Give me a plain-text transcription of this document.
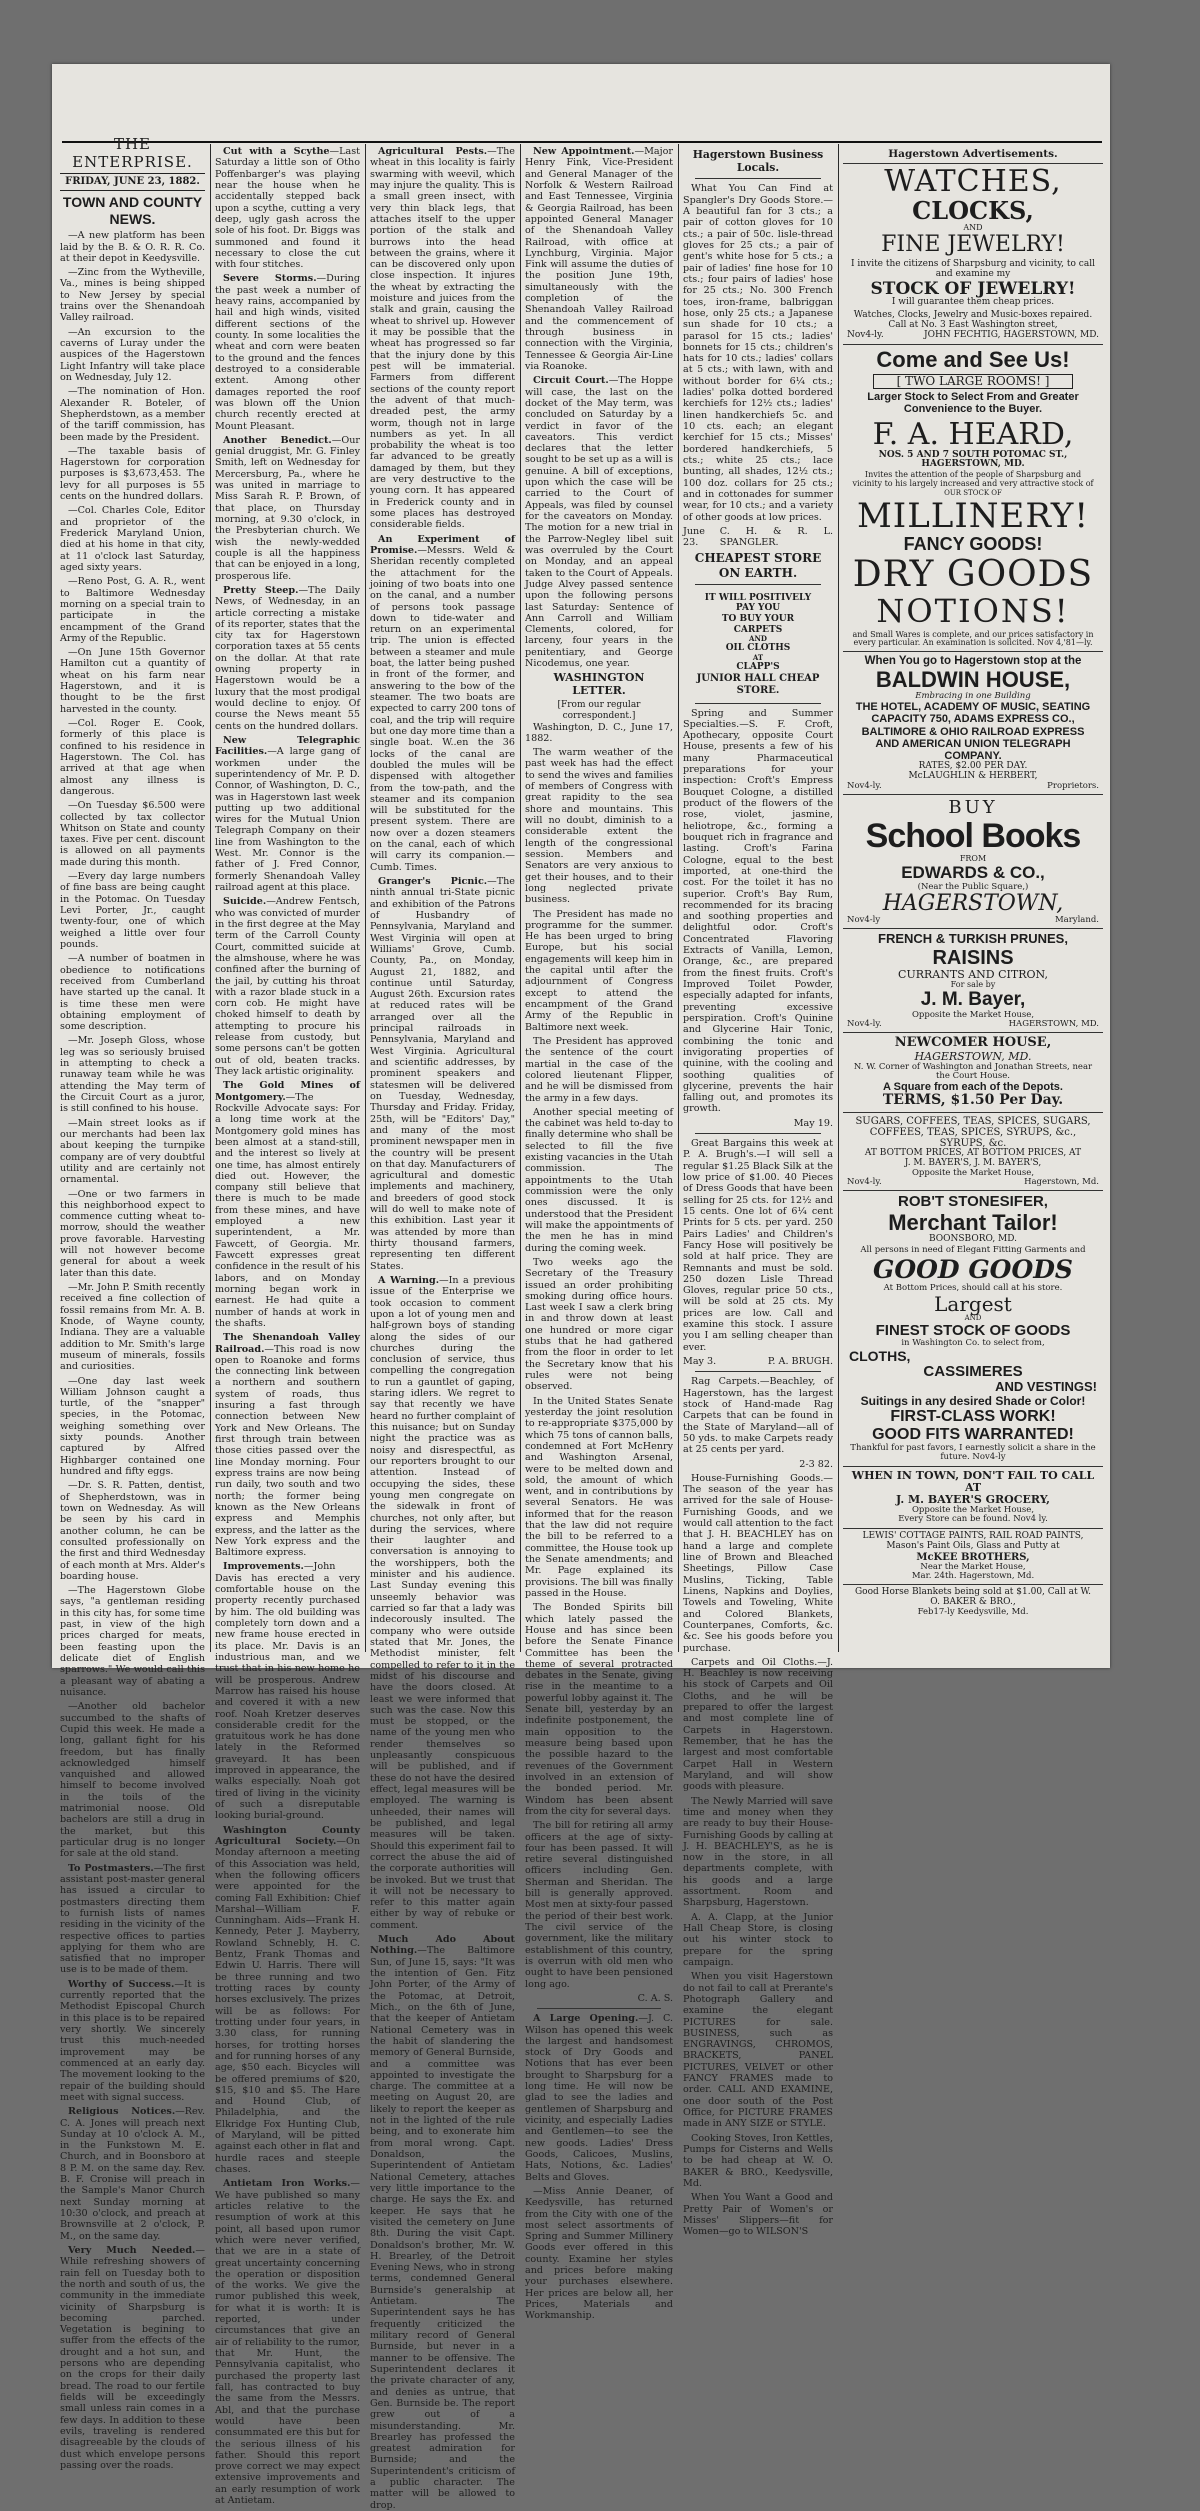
THE ENTERPRISE.
FRIDAY, JUNE 23, 1882.
TOWN AND COUNTY NEWS.

—A new platform has been laid by the B. & O. R. R. Co. at their depot in Keedysville.

—Zinc from the Wytheville, Va., mines is being shipped to New Jersey by special trains over the Shenandoah Valley railroad.

—An excursion to the caverns of Luray under the auspices of the Hagerstown Light Infantry will take place on Wednesday, July 12.

—The nomination of Hon. Alexander R. Boteler, of Shepherdstown, as a member of the tariff commission, has been made by the President.

—The taxable basis of Hagerstown for corporation purposes is $3,673,453. The levy for all purposes is 55 cents on the hundred dollars.

—Col. Charles Cole, Editor and proprietor of the Frederick Maryland Union, died at his home in that city, at 11 o'clock last Saturday, aged sixty years.

—Reno Post, G. A. R., went to Baltimore Wednesday morning on a special train to participate in the encampment of the Grand Army of the Republic.

—On June 15th Governor Hamilton cut a quantity of wheat on his farm near Hagerstown, and it is thought to be the first harvested in the county.

—Col. Roger E. Cook, formerly of this place is confined to his residence in Hagerstown. The Col. has arrived at that age when almost any illness is dangerous.

—On Tuesday $6.500 were collected by tax collector Whitson on State and county taxes. Five per cent. discount is allowed on all payments made during this month.

—Every day large numbers of fine bass are being caught in the Potomac. On Tuesday Levi Porter, Jr., caught twenty-four, one of which weighed a little over four pounds.

—A number of boatmen in obedience to notifications received from Cumberland have started up the canal. It is time these men were obtaining employment of some description.

—Mr. Joseph Gloss, whose leg was so seriously bruised in attempting to check a runaway team while he was attending the May term of the Circuit Court as a juror, is still confined to his house.

—Main street looks as if our merchants had been lax about keeping the turnpike company are of very doubtful utility and are certainly not ornamental.

—One or two farmers in this neighborhood expect to commence cutting wheat to-morrow, should the weather prove favorable. Harvesting will not however become general for about a week later than this date.

—Mr. John P. Smith recently received a fine collection of fossil remains from Mr. A. B. Knode, of Wayne county, Indiana. They are a valuable addition to Mr. Smith's large museum of minerals, fossils and curiosities.

—One day last week William Johnson caught a turtle, of the "snapper" species, in the Potomac, weighing something over sixty pounds. Another captured by Alfred Highbarger contained one hundred and fifty eggs.

—Dr. S. R. Patten, dentist, of Shepherdstown, was in town on Wednesday. As will be seen by his card in another column, he can be consulted professionally on the first and third Wednesday of each month at Mrs. Alder's boarding house.

—The Hagerstown Globe says, "a gentleman residing in this city has, for some time past, in view of the high prices charged for meats, been feasting upon the delicate diet of English sparrows." We would call this a pleasant way of abating a nuisance.

—Another old bachelor succumbed to the shafts of Cupid this week. He made a long, gallant fight for his freedom, but has finally acknowledged himself vanquished and allowed himself to become involved in the toils of the matrimonial noose. Old bachelors are still a drug in the market, but this particular drug is no longer for sale at the old stand.

To Postmasters.—The first assistant post-master general has issued a circular to postmasters directing them to furnish lists of names residing in the vicinity of the respective offices to parties applying for them who are satisfied that no improper use is to be made of them.

Worthy of Success.—It is currently reported that the Methodist Episcopal Church in this place is to be repaired very shortly. We sincerely trust this much-needed improvement may be commenced at an early day. The movement looking to the repair of the building should meet with signal success.

Religious Notices.—Rev. C. A. Jones will preach next Sunday at 10 o'clock A. M., in the Funkstown M. E. Church, and in Boonsboro at 8 P. M. on the same day. Rev. B. F. Cronise will preach in the Sample's Manor Church next Sunday morning at 10:30 o'clock, and preach at Brownsville at 2 o'clock, P. M., on the same day.

Very Much Needed.—While refreshing showers of rain fell on Tuesday both to the north and south of us, the community in the immediate vicinity of Sharpsburg is becoming parched. Vegetation is begining to suffer from the effects of the drought and a hot sun, and persons who are depending on the crops for their daily bread. The road to our fertile fields will be exceedingly small unless rain comes in a few days. In addition to these evils, traveling is rendered disagreeable by the clouds of dust which envelope persons passing over the roads.

Cut with a Scythe—Last Saturday a little son of Otho Poffenbarger's was playing near the house when he accidentally stepped back upon a scythe, cutting a very deep, ugly gash across the sole of his foot. Dr. Biggs was summoned and found it necessary to close the cut with four stitches.

Severe Storms.—During the past week a number of heavy rains, accompanied by hail and high winds, visited different sections of the county. In some localities the wheat and corn were beaten to the ground and the fences destroyed to a considerable extent. Among other damages reported the roof was blown off the Union church recently erected at Mount Pleasant.

Another Benedict.—Our genial druggist, Mr. G. Finley Smith, left on Wednesday for Mercersburg, Pa., where he was united in marriage to Miss Sarah R. P. Brown, of that place, on Thursday morning, at 9.30 o'clock, in the Presbyterian church. We wish the newly-wedded couple is all the happiness that can be enjoyed in a long, prosperous life.

Pretty Steep.—The Daily News, of Wednesday, in an article correcting a mistake of its reporter, states that the city tax for Hagerstown corporation taxes at 55 cents on the dollar. At that rate owning property in Hagerstown would be a luxury that the most prodigal would decline to enjoy. Of course the News meant 55 cents on the hundred dollars.

New Telegraphic Facilities.—A large gang of workmen under the superintendency of Mr. P. D. Connor, of Washington, D. C., was in Hagerstown last week putting up two additional wires for the Mutual Union Telegraph Company on their line from Washington to the West. Mr. Connor is the father of J. Fred Connor, formerly Shenandoah Valley railroad agent at this place.

Suicide.—Andrew Fentsch, who was convicted of murder in the first degree at the May term of the Carroll County Court, committed suicide at the almshouse, where he was confined after the burning of the jail, by cutting his throat with a razor blade stuck in a corn cob. He might have choked himself to death by attempting to procure his release from custody, but some persons can't be gotten out of old, beaten tracks. They lack artistic originality.

The Gold Mines of Montgomery.—The Rockville Advocate says: For a long time work at the Montgomery gold mines has been almost at a stand-still, and the interest so lively at one time, has almost entirely died out. However, the company still believe that there is much to be made from these mines, and have employed a new superintendent, a Mr. Fawcett, of Georgia. Mr. Fawcett expresses great confidence in the result of his labors, and on Monday morning began work in earnest. He had quite a number of hands at work in the shafts.

The Shenandoah Valley Railroad.—This road is now open to Roanoke and forms the connecting link between a northern and southern system of roads, thus insuring a fast through connection between New York and New Orleans. The first through train between those cities passed over the line Monday morning. Four express trains are now being run daily, two south and two north; the former being known as the New Orleans express and Memphis express, and the latter as the New York express and the Baltimore express.

Improvements.—John Davis has erected a very comfortable house on the property recently purchased by him. The old building was completely torn down and a new frame house erected in its place. Mr. Davis is an industrious man, and we trust that in his new home he will be prosperous. Andrew Marrow has raised his house and covered it with a new roof. Noah Kretzer deserves considerable credit for the gratuitous work he has done lately in the Reformed graveyard. It has been improved in appearance, the walks especially. Noah got tired of living in the vicinity of such a disreputable looking burial-ground.

Washington County Agricultural Society.—On Monday afternoon a meeting of this Association was held, when the following officers were appointed for the coming Fall Exhibition: Chief Marshal—William F. Cunningham. Aids—Frank H. Kennedy, Peter J. Mayberry, Rowland Schnebly, H. C. Bentz, Frank Thomas and Edwin U. Harris. There will be three running and two trotting races by county horses exclusively. The prizes will be as follows: For trotting under four years, in 3.30 class, for running horses, for trotting horses and for running horses of any age, $50 each. Bicycles will be offered premiums of $20, $15, $10 and $5. The Hare and Hound Club, of Philadelphia, and the Elkridge Fox Hunting Club, of Maryland, will be pitted against each other in flat and hurdle races and steeple chases.

Antietam Iron Works.—We have published so many articles relative to the resumption of work at this point, all based upon rumor which were never verified, that we are in a state of great uncertainty concerning the operation or disposition of the works. We give the rumor published this week, for what it is worth: It is reported, under circumstances that give an air of reliability to the rumor, that Mr. Hunt, the Pennsylvania capitalist, who purchased the property last fall, has contracted to buy the same from the Messrs. Abl, and that the purchase would have been consummated ere this but for the serious illness of his father. Should this report prove correct we may expect extensive improvements and an early resumption of work at Antietam.

Agricultural Pests.—The wheat in this locality is fairly swarming with weevil, which may injure the quality. This is a small green insect, with very thin black legs, that attaches itself to the upper portion of the stalk and burrows into the head between the grains, where it can be discovered only upon close inspection. It injures the wheat by extracting the moisture and juices from the stalk and grain, causing the wheat to shrivel up. However it may be possible that the wheat has progressed so far that the injury done by this pest will be immaterial. Farmers from different sections of the county report the advent of that much-dreaded pest, the army worm, though not in large numbers as yet. In all probability the wheat is too far advanced to be greatly damaged by them, but they are very destructive to the young corn. It has appeared in Frederick county and in some places has destroyed considerable fields.

An Experiment of Promise.—Messrs. Weld & Sheridan recently completed the attachment for the joining of two boats into one on the canal, and a number of persons took passage down to tide-water and return on an experimental trip. The union is effected between a steamer and mule boat, the latter being pushed in front of the former, and answering to the bow of the steamer. The two boats are expected to carry 200 tons of coal, and the trip will require but one day more time than a single boat. W..en the 36 locks of the canal are doubled the mules will be dispensed with altogether from the tow-path, and the steamer and its companion will be substituted for the present system. There are now over a dozen steamers on the canal, each of which will carry its companion.—Cumb. Times.

Granger's Picnic.—The ninth annual tri-State picnic and exhibition of the Patrons of Husbandry of Pennsylvania, Maryland and West Virginia will open at Williams' Grove, Cumb. County, Pa., on Monday, August 21, 1882, and continue until Saturday, August 26th. Excursion rates at reduced rates will be arranged over all the principal railroads in Pennsylvania, Maryland and West Virginia. Agricultural and scientific addresses, by prominent speakers and statesmen will be delivered on Tuesday, Wednesday, Thursday and Friday. Friday, 25th, will be "Editors' Day," and many of the most prominent newspaper men in the country will be present on that day. Manufacturers of agricultural and domestic implements and machinery, and breeders of good stock will do well to make note of this exhibition. Last year it was attended by more than thirty thousand farmers, representing ten different States.

A Warning.—In a previous issue of the Enterprise we took occasion to comment upon a lot of young men and half-grown boys of standing along the sides of our churches during the conclusion of service, thus compelling the congregation to run a gauntlet of gaping, staring idlers. We regret to say that recently we have heard no further complaint of this nuisance; but on Sunday night the practice was as noisy and disrespectful, as our reporters brought to our attention. Instead of occupying the sides, these young men congregate on the sidewalk in front of churches, not only after, but during the services, where their laughter and conversation is annoying to the worshippers, both the minister and his audience. Last Sunday evening this unseemly behavior was carried so far that a lady was indecorously insulted. The company who were outside stated that Mr. Jones, the Methodist minister, felt compelled to refer to it in the midst of his discourse and have the doors closed. At least we were informed that such was the case. Now this must be stopped, or the name of the young men who render themselves so unpleasantly conspicuous will be published, and if these do not have the desired effect, legal measures will be employed. The warning is unheeded, their names will be published, and legal measures will be taken. Should this experiment fail to correct the abuse the aid of the corporate authorities will be invoked. But we trust that it will not be necessary to refer to this matter again either by way of rebuke or comment.

Much Ado About Nothing.—The Baltimore Sun, of June 15, says: "It was the intention of Gen. Fitz John Porter, of the Army of the Potomac, at Detroit, Mich., on the 6th of June, that the keeper of Antietam National Cemetery was in the habit of slandering the memory of General Burnside, and a committee was appointed to investigate the charge. The committee at a meeting on August 20, are likely to report the keeper as not in the lighted of the rule being, and to exonerate him from moral wrong. Capt. Donaldson, the Superintendent of Antietam National Cemetery, attaches very little importance to the charge. He says the Ex. and keeper. He says that he visited the cemetery on June 8th. During the visit Capt. Donaldson's brother, Mr. W. H. Brearley, of the Detroit Evening News, who in strong terms, condemned General Burnside's generalship at Antietam. The Superintendent says he has frequently criticized the military record of General Burnside, but never in a manner to be offensive. The Superintendent declares it the private character of any, and denies as untrue, that Gen. Burnside be. The report grew out of a misunderstanding. Mr. Brearley has professed the greatest admiration for Burnside; and the Superintendent's criticism of a public character. The matter will be allowed to drop.

New Appointment.—Major Henry Fink, Vice-President and General Manager of the Norfolk & Western Railroad and East Tennessee, Virginia & Georgia Railroad, has been appointed General Manager of the Shenandoah Valley Railroad, with office at Lynchburg, Virginia. Major Fink will assume the duties of the position June 19th, simultaneously with the completion of the Shenandoah Valley Railroad and the commencement of through business in connection with the Virginia, Tennessee & Georgia Air-Line via Roanoke.

Circuit Court.—The Hoppe will case, the last on the docket of the May term, was concluded on Saturday by a verdict in favor of the caveators. This verdict declares that the letter sought to be set up as a will is genuine. A bill of exceptions, upon which the case will be carried to the Court of Appeals, was filed by counsel for the caveators on Monday. The motion for a new trial in the Parrow-Negley libel suit was overruled by the Court on Monday, and an appeal taken to the Court of Appeals. Judge Alvey passed sentence upon the following persons last Saturday: Sentence of Ann Carroll and William Clements, colored, for larceny, four years in the penitentiary, and George Nicodemus, one year.

WASHINGTON LETTER.
[From our regular correspondent.]

Washington, D. C., June 17, 1882.

The warm weather of the past week has had the effect to send the wives and families of members of Congress with great rapidity to the sea shore and mountains. This will no doubt, diminish to a considerable extent the length of the congressional session. Members and Senators are very anxious to get their houses, and to their long neglected private business.

The President has made no programme for the summer. He has been urged to bring Europe, but his social engagements will keep him in the capital until after the adjournment of Congress except to attend the encampment of the Grand Army of the Republic in Baltimore next week.

The President has approved the sentence of the court martial in the case of the colored lieutenant Flipper, and he will be dismissed from the army in a few days.

Another special meeting of the cabinet was held to-day to finally determine who shall be selected to fill the five existing vacancies in the Utah commission. The appointments to the Utah commission were the only ones discussed. It is understood that the President will make the appointments of the men he has in mind during the coming week.

Two weeks ago the Secretary of the Treasury issued an order prohibiting smoking during office hours. Last week I saw a clerk bring in and throw down at least one hundred or more cigar stubs that he had gathered from the floor in order to let the Secretary know that his rules were not being observed.

In the United States Senate yesterday the joint resolution to re-appropriate $375,000 by which 75 tons of cannon balls, condemned at Fort McHenry and Washington Arsenal, were to be melted down and sold, the amount of which went, and in contributions by several Senators. He was informed that for the reason that the law did not require the bill to be referred to a committee, the House took up the Senate amendments; and Mr. Page explained its provisions. The bill was finally passed in the House.

The Bonded Spirits bill which lately passed the House and has since been before the Senate Finance Committee has been the theme of several protracted debates in the Senate, giving rise in the meantime to a powerful lobby against it. The Senate bill, yesterday by an indefinite postponement, the main opposition to the measure being based upon the possible hazard to the revenues of the Government involved in an extension of the bonded period. Mr. Windom has been absent from the city for several days.

The bill for retiring all army officers at the age of sixty-four has been passed. It will retire several distinguished officers including Gen. Sherman and Sheridan. The bill is generally approved. Most men at sixty-four passed the period of their best work. The civil service of the government, like the military establishment of this country, is overrun with old men who ought to have been pensioned long ago.

C. A. S.

A Large Opening.—J. C. Wilson has opened this week the largest and handsomest stock of Dry Goods and Notions that has ever been brought to Sharpsburg for a long time. He will now be glad to see the ladies and gentlemen of Sharpsburg and vicinity, and especially Ladies and Gentlemen—to see the new goods. Ladies' Dress Goods, Calicoes, Muslins, Hats, Notions, &c. Ladies' Belts and Gloves.

—Miss Annie Deaner, of Keedysville, has returned from the City with one of the most select assortments of Spring and Summer Millinery Goods ever offered in this county. Examine her styles and prices before making your purchases elsewhere. Her prices are below all, her Prices, Materials and Workmanship.

Hagerstown Business Locals.

What You Can Find at Spangler's Dry Goods Store.—A beautiful fan for 3 cts.; a pair of cotton gloves for 10 cts.; a pair of 50c. lisle-thread gloves for 25 cts.; a pair of gent's white hose for 5 cts.; a pair of ladies' fine hose for 10 cts.; four pairs of ladies' hose for 25 cts.; No. 300 French toes, iron-frame, balbriggan hose, only 25 cts.; a Japanese sun shade for 10 cts.; a parasol for 15 cts.; ladies' bonnets for 15 cts.; children's hats for 10 cts.; ladies' collars at 5 cts.; with lawn, with and without border for 6¼ cts.; ladies' polka dotted bordered kerchiefs for 12½ cts.; ladies' linen handkerchiefs 5c. and 10 cts. each; an elegant kerchief for 15 cts.; Misses' bordered handkerchiefs, 5 cts.; white 25 cts.; lace bunting, all shades, 12½ cts.; 100 doz. collars for 25 cts.; and in cottonades for summer wear, for 10 cts.; and a variety of other goods at low prices.

June 23.
C. H. & R. L. SPANGLER.

CHEAPEST STORE ON EARTH.
IT WILL POSITIVELY
PAY YOU
TO BUY YOUR
CARPETS
AND
OIL CLOTHS
AT
CLAPP'S
JUNIOR HALL CHEAP STORE.

Spring and Summer Specialties.—S. F. Croft, Apothecary, opposite Court House, presents a few of his many Pharmaceutical preparations for your inspection: Croft's Empress Bouquet Cologne, a distilled product of the flowers of the rose, violet, jasmine, heliotrope, &c., forming a bouquet rich in fragrance and lasting. Croft's Farina Cologne, equal to the best imported, at one-third the cost. For the toilet it has no superior. Croft's Bay Rum, recommended for its bracing and soothing properties and delightful odor. Croft's Concentrated Flavoring Extracts of Vanilla, Lemon, Orange, &c., are prepared from the finest fruits. Croft's Improved Toilet Powder, especially adapted for infants, preventing excessive perspiration. Croft's Quinine and Glycerine Hair Tonic, combining the tonic and invigorating properties of quinine, with the cooling and soothing qualities of glycerine, prevents the hair falling out, and promotes its growth.

May 19.

Great Bargains this week at P. A. Brugh's.—I will sell a regular $1.25 Black Silk at the low price of $1.00. 40 Pieces of Dress Goods that have been selling for 25 cts. for 12½ and 15 cents. One lot of 6¼ cent Prints for 5 cts. per yard. 250 Pairs Ladies' and Children's Fancy Hose will positively be sold at half price. They are Remnants and must be sold. 250 dozen Lisle Thread Gloves, regular price 50 cts., will be sold at 25 cts. My prices are low. Call and examine this stock. I assure you I am selling cheaper than ever.

May 3.	P. A. BRUGH.

Rag Carpets.—Beachley, of Hagerstown, has the largest stock of Hand-made Rag Carpets that can be found in the State of Maryland—all of 50 yds. to make Carpets ready at 25 cents per yard.

2-3 82.

House-Furnishing Goods.—The season of the year has arrived for the sale of House-Furnishing Goods, and we would call attention to the fact that J. H. BEACHLEY has on hand a large and complete line of Brown and Bleached Sheetings, Pillow Case Muslins, Ticking, Table Linens, Napkins and Doylies, Towels and Toweling, White and Colored Blankets, Counterpanes, Comforts, &c. &c. See his goods before you purchase.

Carpets and Oil Cloths.—J. H. Beachley is now receiving his stock of Carpets and Oil Cloths, and he will be prepared to offer the largest and most complete line of Carpets in Hagerstown. Remember, that he has the largest and most comfortable Carpet Hall in Western Maryland, and will show goods with pleasure.

The Newly Married will save time and money when they are ready to buy their House-Furnishing Goods by calling at J. H. BEACHLEY'S, as he is now in the store, in all departments complete, with his goods and a large assortment. Room and Sharpsburg, Hagerstown.

A. A. Clapp, at the Junior Hall Cheap Store, is closing out his winter stock to prepare for the spring campaign.

When you visit Hagerstown do not fail to call at Prerante's Photograph Gallery and examine the elegant PICTURES for sale. BUSINESS, such as ENGRAVINGS, CHROMOS, BRACKETS, PANEL PICTURES, VELVET or other FANCY FRAMES made to order. CALL AND EXAMINE, one door south of the Post Office, for PICTURE FRAMES made in ANY SIZE or STYLE.

Cooking Stoves, Iron Kettles, Pumps for Cisterns and Wells to be had cheap at W. O. BAKER & BRO., Keedysville, Md.

When You Want a Good and Pretty Pair of Women's or Misses' Slippers—fit for Women—go to WILSON'S

Hagerstown Advertisements.
WATCHES,
CLOCKS,
AND
FINE JEWELRY!
I invite the citizens of Sharpsburg and vicinity, to call and examine my
STOCK OF JEWELRY!
I will guarantee them cheap prices.
Watches, Clocks, Jewelry and Music-boxes repaired.
Call at No. 3 East Washington street,
Nov4-ly.	JOHN FECHTIG, HAGERSTOWN, MD.
Come and See Us!
[ TWO LARGE ROOMS! ]
Larger Stock to Select From and Greater Convenience to the Buyer.
F. A. HEARD,
NOS. 5 AND 7 SOUTH POTOMAC ST., HAGERSTOWN, MD.
Invites the attention of the people of Sharpsburg and vicinity to his largely increased and very attractive stock of
OUR STOCK OF
MILLINERY!
FANCY GOODS!
DRY GOODS
NOTIONS!
and Small Wares is complete, and our prices satisfactory in every particular. An examination is solicited. Nov 4,'81—ly.
When You go to Hagerstown stop at the
BALDWIN HOUSE,
Embracing in one Building
THE HOTEL, ACADEMY OF MUSIC, SEATING CAPACITY 750, ADAMS EXPRESS CO., BALTIMORE & OHIO RAILROAD EXPRESS AND AMERICAN UNION TELEGRAPH COMPANY.
RATES, $2.00 PER DAY.
McLAUGHLIN & HERBERT,
Nov4-ly.	Proprietors.
BUY
School Books
FROM
EDWARDS & CO.,
(Near the Public Square,)
HAGERSTOWN,
Nov4-ly	Maryland.
FRENCH & TURKISH PRUNES,
RAISINS
CURRANTS AND CITRON,
For sale by
J. M. Bayer,
Opposite the Market House,
Nov4-ly.	HAGERSTOWN, MD.
NEWCOMER HOUSE,
HAGERSTOWN, MD.
N. W. Corner of Washington and Jonathan Streets, near the Court House.
A Square from each of the Depots.
TERMS, $1.50 Per Day.
SUGARS, COFFEES, TEAS, SPICES, SUGARS, COFFEES, TEAS, SPICES, SYRUPS, &c., SYRUPS, &c.
AT BOTTOM PRICES, AT BOTTOM PRICES, AT
J. M. BAYER'S, J. M. BAYER'S,
Opposite the Market House,
Nov4-ly.	Hagerstown, Md.
ROB'T STONESIFER,
Merchant Tailor!
BOONSBORO, MD.
All persons in need of Elegant Fitting Garments and
GOOD GOODS
At Bottom Prices, should call at his store.
Largest
AND
FINEST STOCK OF GOODS
in Washington Co. to select from,
CLOTHS,
CASSIMERES
AND VESTINGS!
Suitings in any desired Shade or Color!
FIRST-CLASS WORK!
GOOD FITS WARRANTED!
Thankful for past favors, I earnestly solicit a share in the future. Nov4-ly
WHEN IN TOWN, DON'T FAIL TO CALL AT
J. M. BAYER'S GROCERY,
Opposite the Market House,
Every Store can be found. Nov4 ly.
LEWIS' COTTAGE PAINTS, RAIL ROAD PAINTS, Mason's Paint Oils, Glass and Putty at
McKEE BROTHERS,
Near the Market House,
Mar. 24th. Hagerstown, Md.
Good Horse Blankets being sold at $1.00, Call at W. O. BAKER & BRO.,
Feb17-ly Keedysville, Md.
